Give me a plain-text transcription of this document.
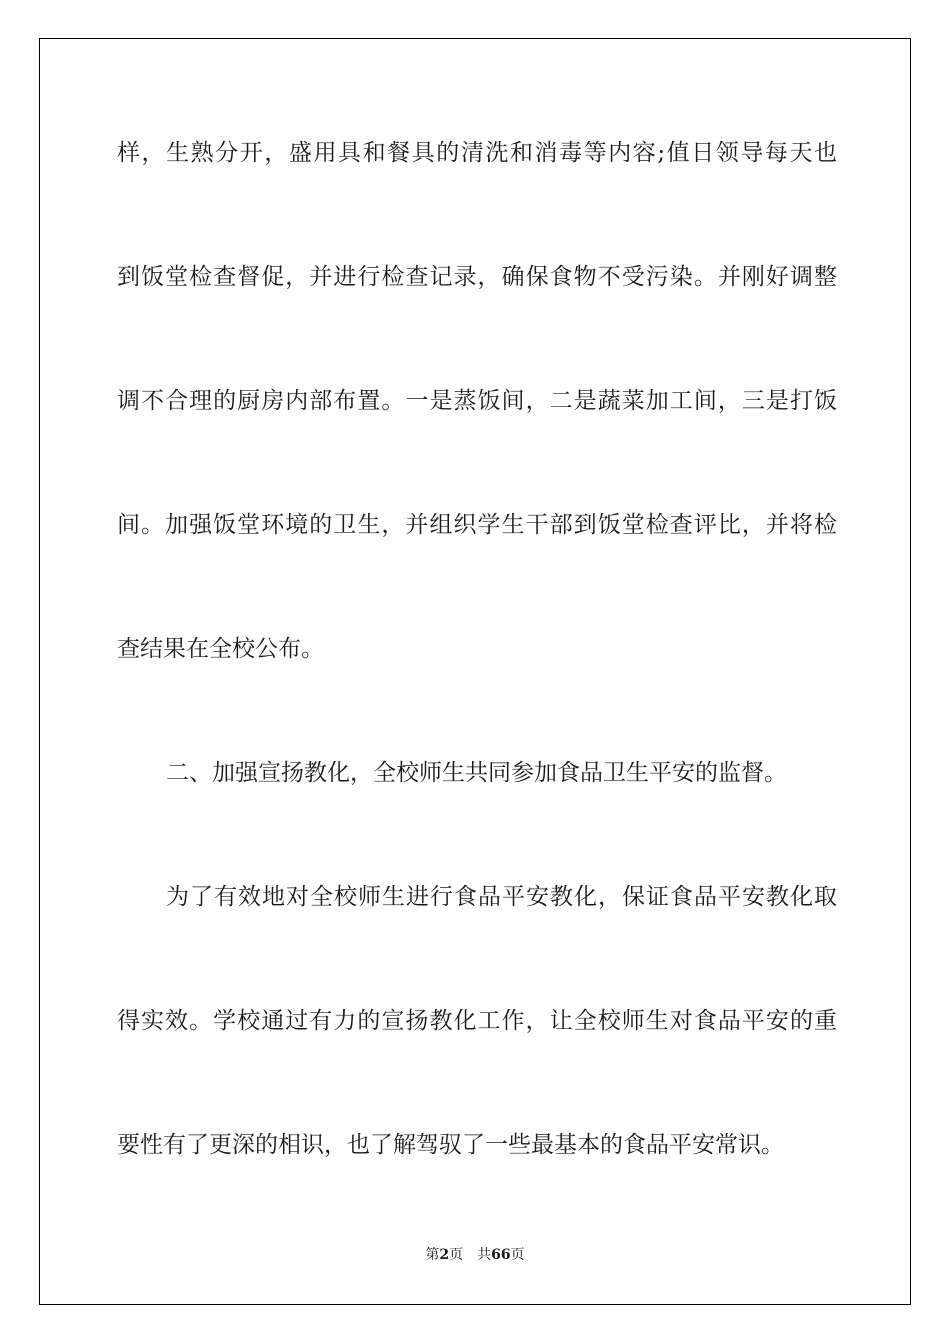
样，生熟分开，盛用具和餐具的清洗和消毒等内容;值日领导每天也
到饭堂检查督促，并进行检查记录，确保食物不受污染。并刚好调整
调不合理的厨房内部布置。一是蒸饭间，二是蔬菜加工间，三是打饭
间。加强饭堂环境的卫生，并组织学生干部到饭堂检查评比，并将检
查结果在全校公布。
二、加强宣扬教化，全校师生共同参加食品卫生平安的监督。
为了有效地对全校师生进行食品平安教化，保证食品平安教化取
得实效。学校通过有力的宣扬教化工作，让全校师生对食品平安的重
要性有了更深的相识，也了解驾驭了一些最基本的食品平安常识。
第2页 共66页
